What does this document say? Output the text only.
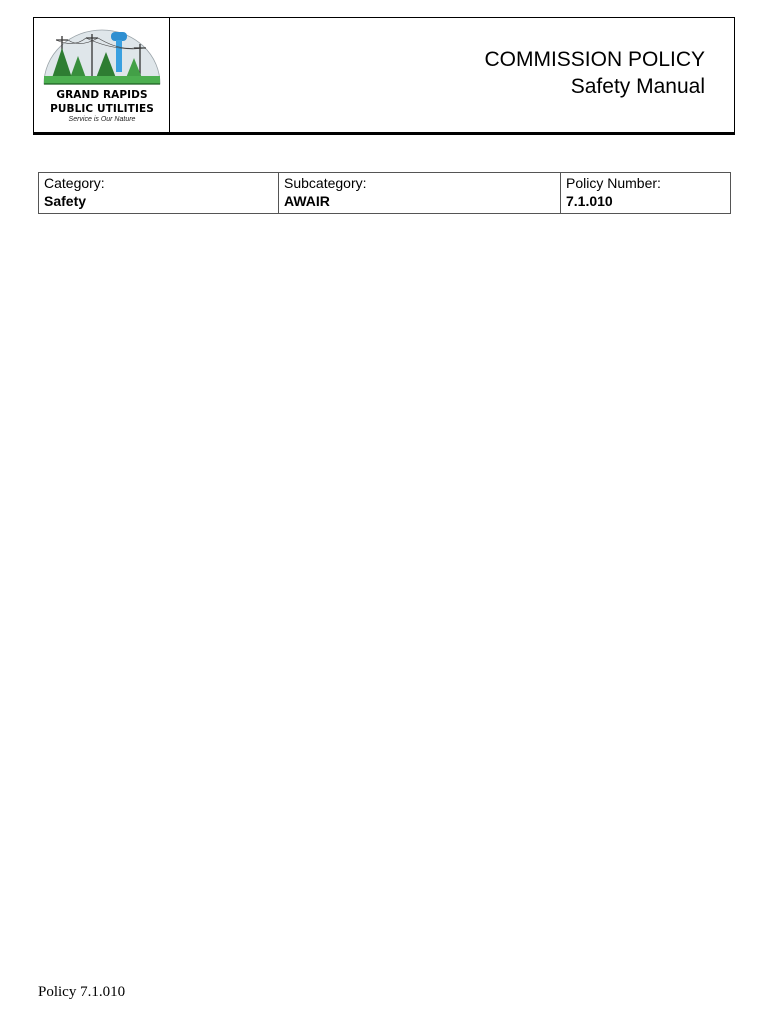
GRAND RAPIDS
PUBLIC UTILITIES
Service is Our Nature
COMMISSION POLICY
Safety Manual
Category:
Safety
Subcategory:
AWAIR
Policy Number:
7.1.010
Policy 7.1.010
